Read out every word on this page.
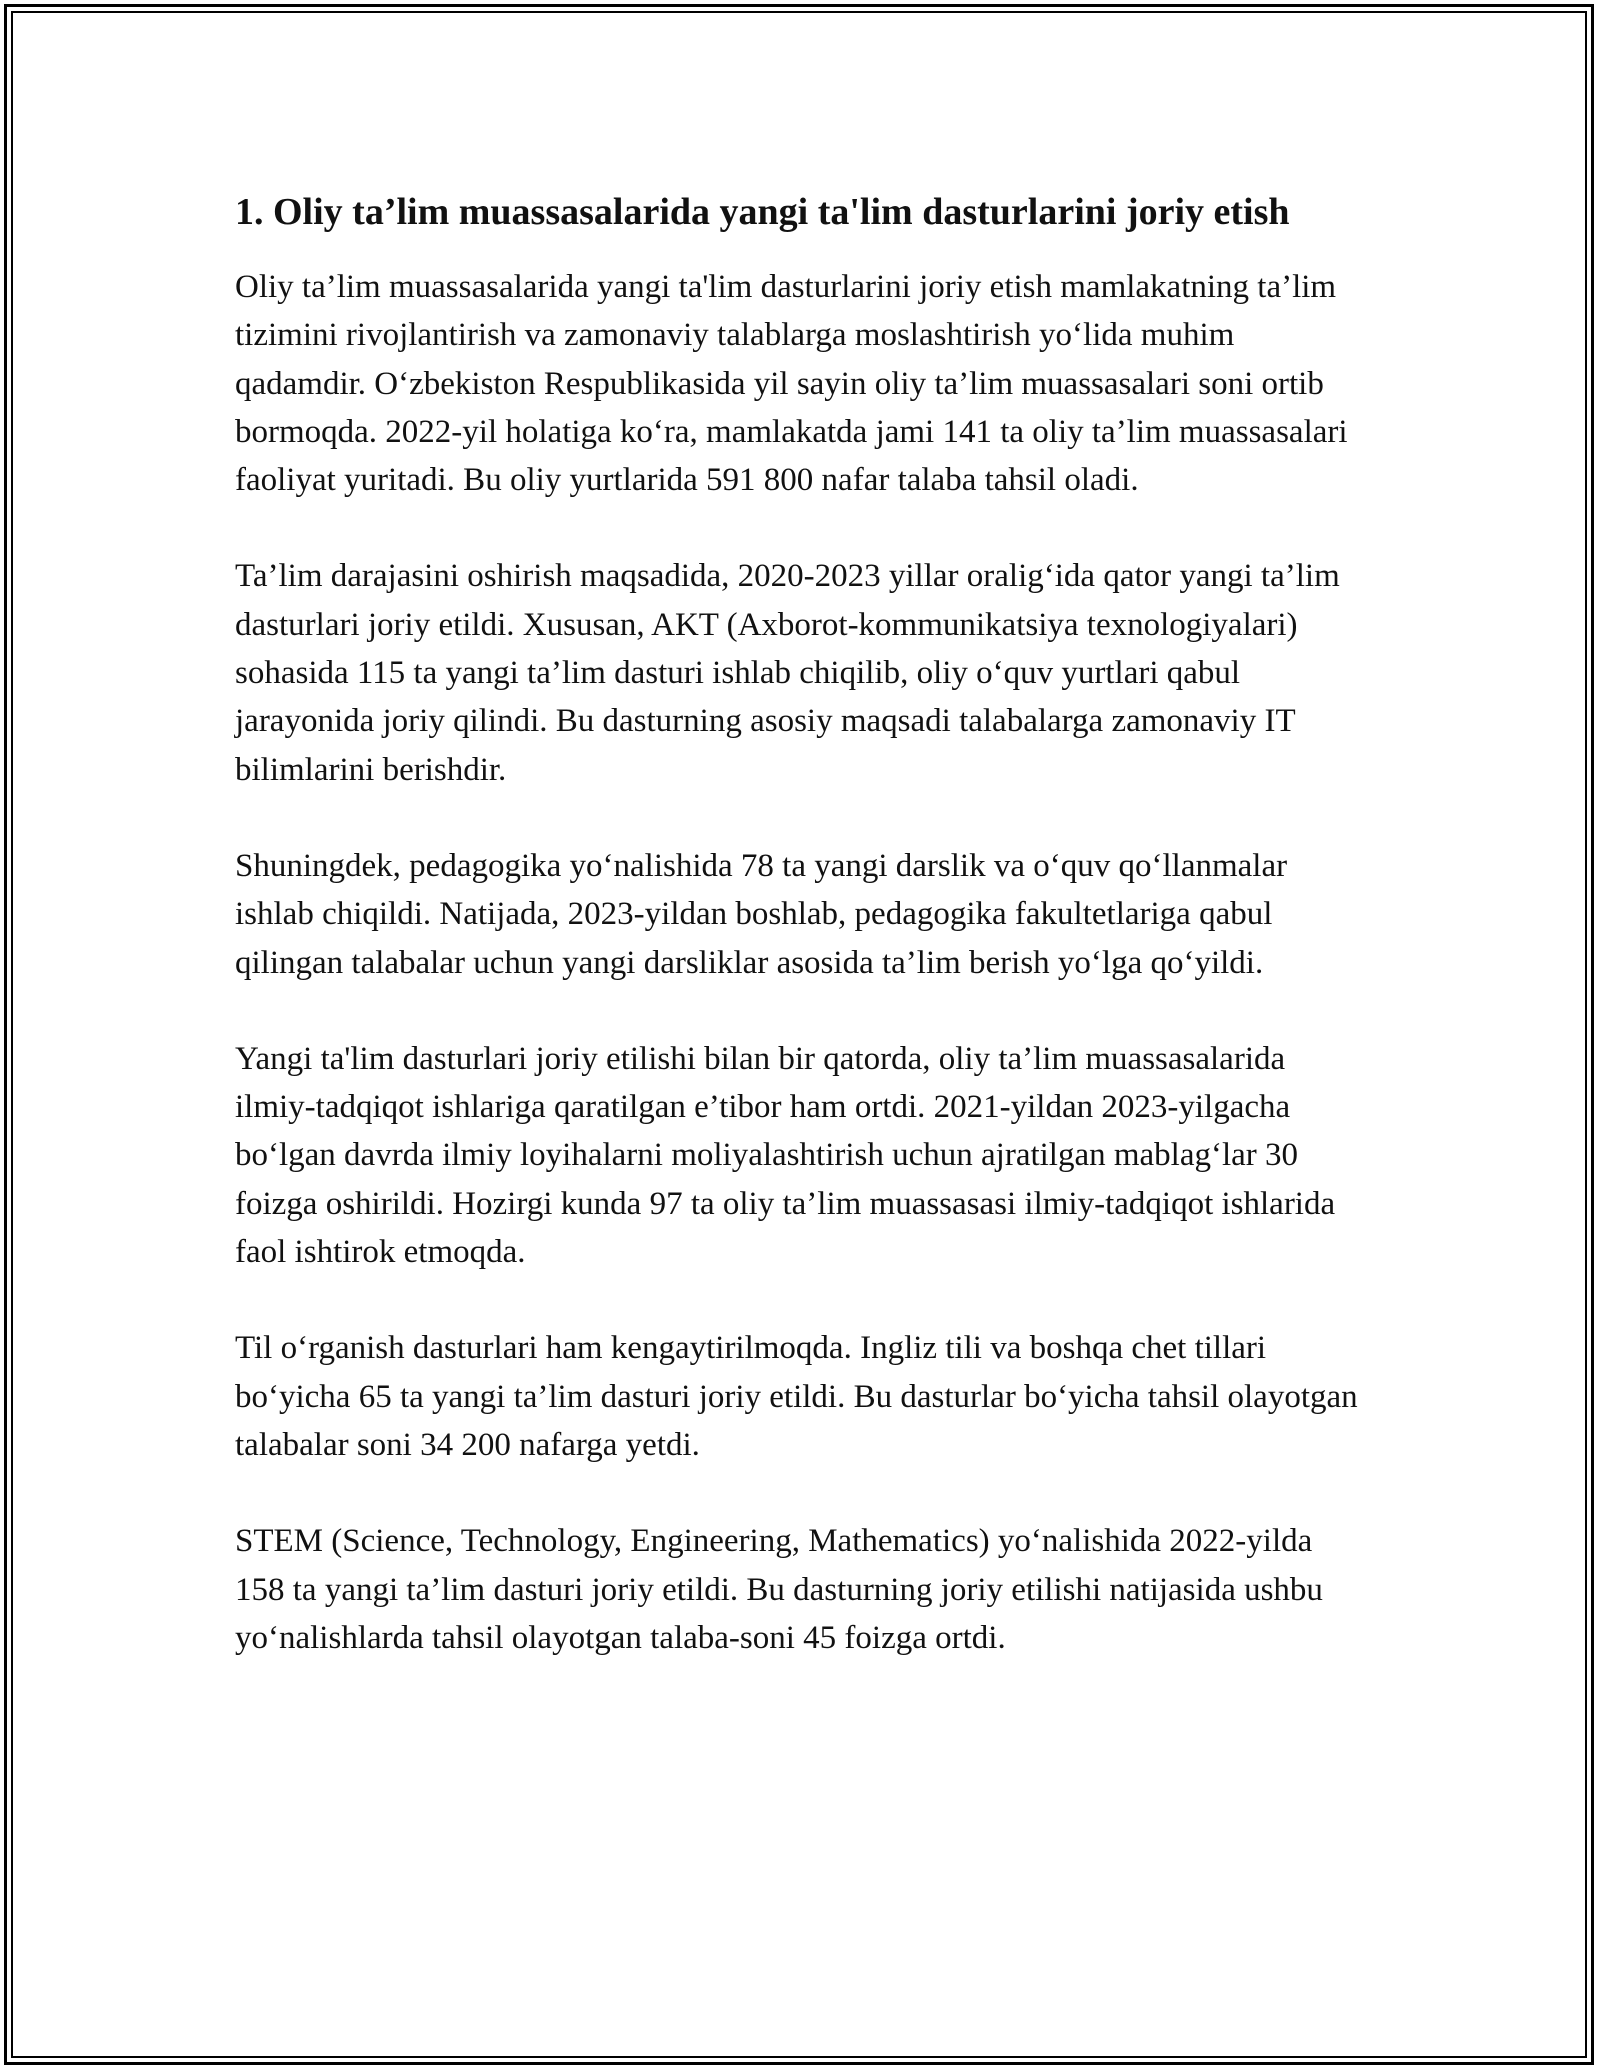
1. Oliy ta’lim muassasalarida yangi ta'lim dasturlarini joriy etish

Oliy ta’lim muassasalarida yangi ta'lim dasturlarini joriy etish mamlakatning ta’lim tizimini rivojlantirish va zamonaviy talablarga moslashtirish yo‘lida muhim qadamdir. O‘zbekiston Respublikasida yil sayin oliy ta’lim muassasalari soni ortib bormoqda. 2022-yil holatiga ko‘ra, mamlakatda jami 141 ta oliy ta’lim muassasalari faoliyat yuritadi. Bu oliy yurtlarida 591 800 nafar talaba tahsil oladi.

Ta’lim darajasini oshirish maqsadida, 2020-2023 yillar oralig‘ida qator yangi ta’lim dasturlari joriy etildi. Xususan, AKT (Axborot-kommunikatsiya texnologiyalari) sohasida 115 ta yangi ta’lim dasturi ishlab chiqilib, oliy o‘quv yurtlari qabul jarayonida joriy qilindi. Bu dasturning asosiy maqsadi talabalarga zamonaviy IT bilimlarini berishdir.

Shuningdek, pedagogika yo‘nalishida 78 ta yangi darslik va o‘quv qo‘llanmalar ishlab chiqildi. Natijada, 2023-yildan boshlab, pedagogika fakultetlariga qabul qilingan talabalar uchun yangi darsliklar asosida ta’lim berish yo‘lga qo‘yildi.

Yangi ta'lim dasturlari joriy etilishi bilan bir qatorda, oliy ta’lim muassasalarida ilmiy-tadqiqot ishlariga qaratilgan e’tibor ham ortdi. 2021-yildan 2023-yilgacha bo‘lgan davrda ilmiy loyihalarni moliyalashtirish uchun ajratilgan mablag‘lar 30 foizga oshirildi. Hozirgi kunda 97 ta oliy ta’lim muassasasi ilmiy-tadqiqot ishlarida faol ishtirok etmoqda.

Til o‘rganish dasturlari ham kengaytirilmoqda. Ingliz tili va boshqa chet tillari bo‘yicha 65 ta yangi ta’lim dasturi joriy etildi. Bu dasturlar bo‘yicha tahsil olayotgan talabalar soni 34 200 nafarga yetdi.

STEM (Science, Technology, Engineering, Mathematics) yo‘nalishida 2022-yilda 158 ta yangi ta’lim dasturi joriy etildi. Bu dasturning joriy etilishi natijasida ushbu yo‘nalishlarda tahsil olayotgan talaba-soni 45 foizga ortdi.
